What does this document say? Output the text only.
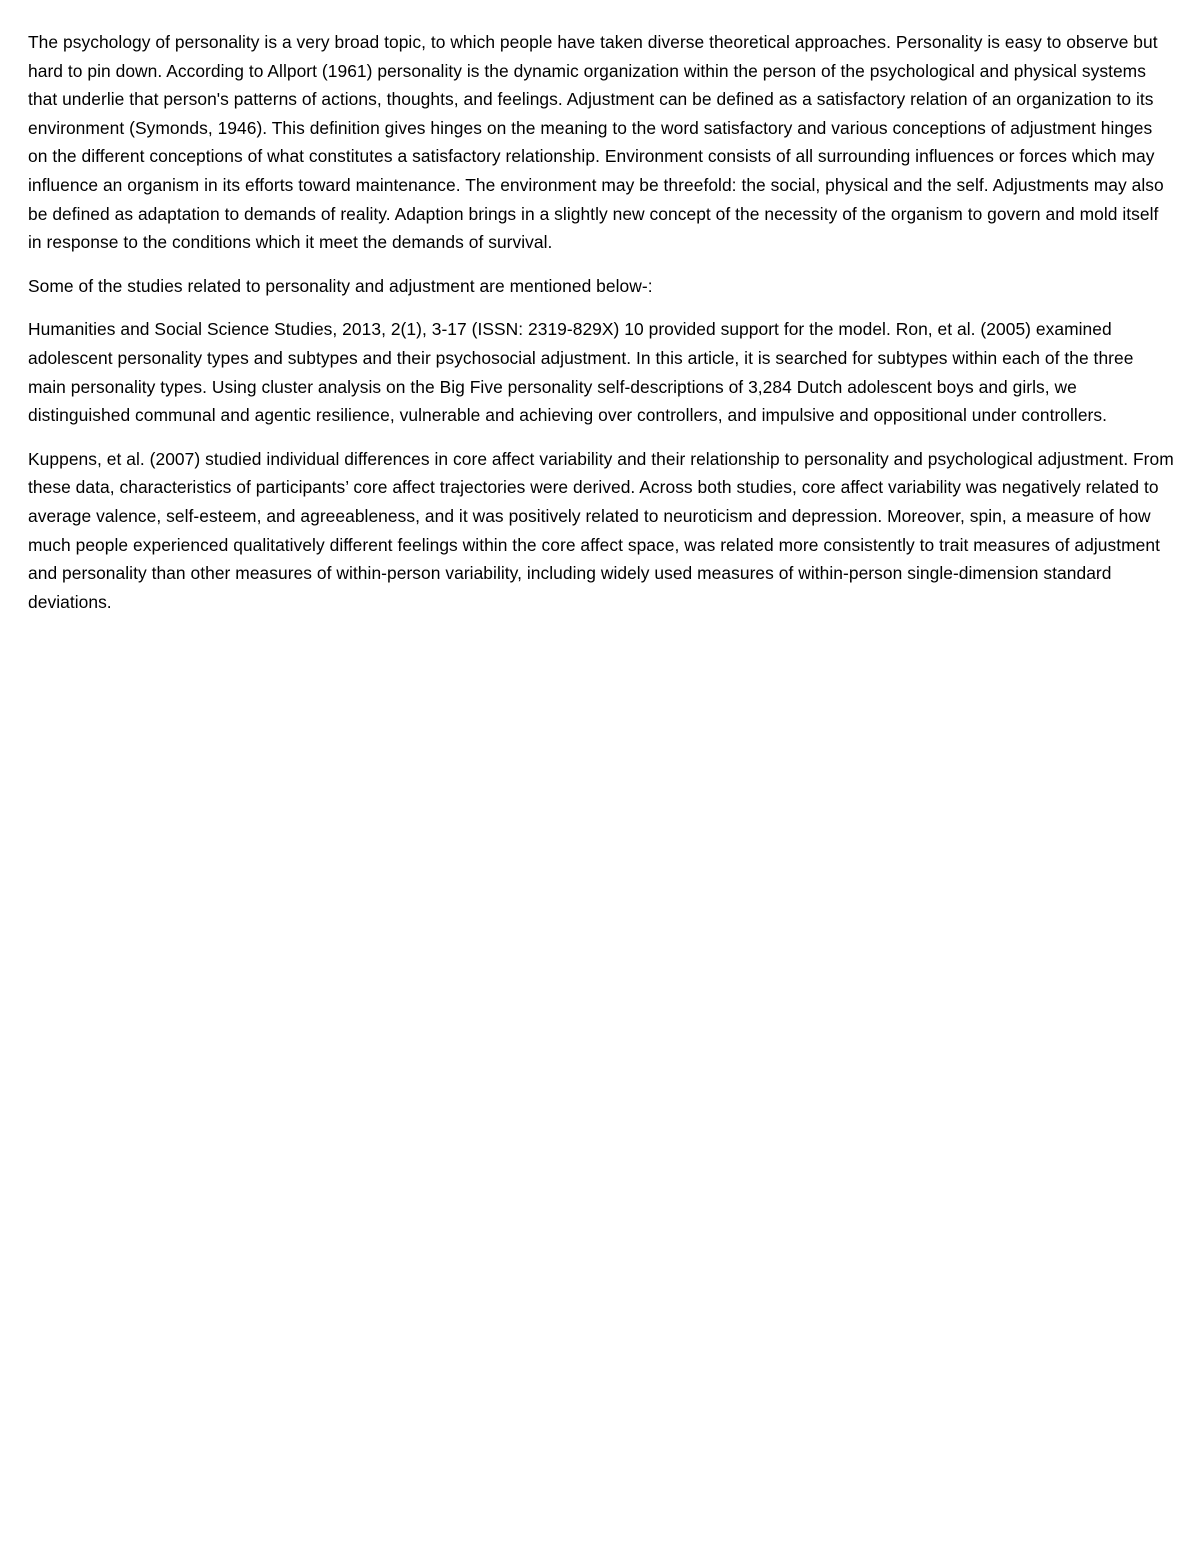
The psychology of personality is a very broad topic, to which people have taken diverse theoretical approaches. Personality is easy to observe but hard to pin down. According to Allport (1961) personality is the dynamic organization within the person of the psychological and physical systems that underlie that person's patterns of actions, thoughts, and feelings. Adjustment can be defined as a satisfactory relation of an organization to its environment (Symonds, 1946). This definition gives hinges on the meaning to the word satisfactory and various conceptions of adjustment hinges on the different conceptions of what constitutes a satisfactory relationship. Environment consists of all surrounding influences or forces which may influence an organism in its efforts toward maintenance. The environment may be threefold: the social, physical and the self. Adjustments may also be defined as adaptation to demands of reality. Adaption brings in a slightly new concept of the necessity of the organism to govern and mold itself in response to the conditions which it meet the demands of survival.

Some of the studies related to personality and adjustment are mentioned below-:

Humanities and Social Science Studies, 2013, 2(1), 3-17 (ISSN: 2319-829X) 10 provided support for the model. Ron, et al. (2005) examined adolescent personality types and subtypes and their psychosocial adjustment. In this article, it is searched for subtypes within each of the three main personality types. Using cluster analysis on the Big Five personality self-descriptions of 3,284 Dutch adolescent boys and girls, we distinguished communal and agentic resilience, vulnerable and achieving over controllers, and impulsive and oppositional under controllers.

Kuppens, et al. (2007) studied individual differences in core affect variability and their relationship to personality and psychological adjustment. From these data, characteristics of participants’ core affect trajectories were derived. Across both studies, core affect variability was negatively related to average valence, self-esteem, and agreeableness, and it was positively related to neuroticism and depression. Moreover, spin, a measure of how much people experienced qualitatively different feelings within the core affect space, was related more consistently to trait measures of adjustment and personality than other measures of within-person variability, including widely used measures of within-person single-dimension standard deviations.
